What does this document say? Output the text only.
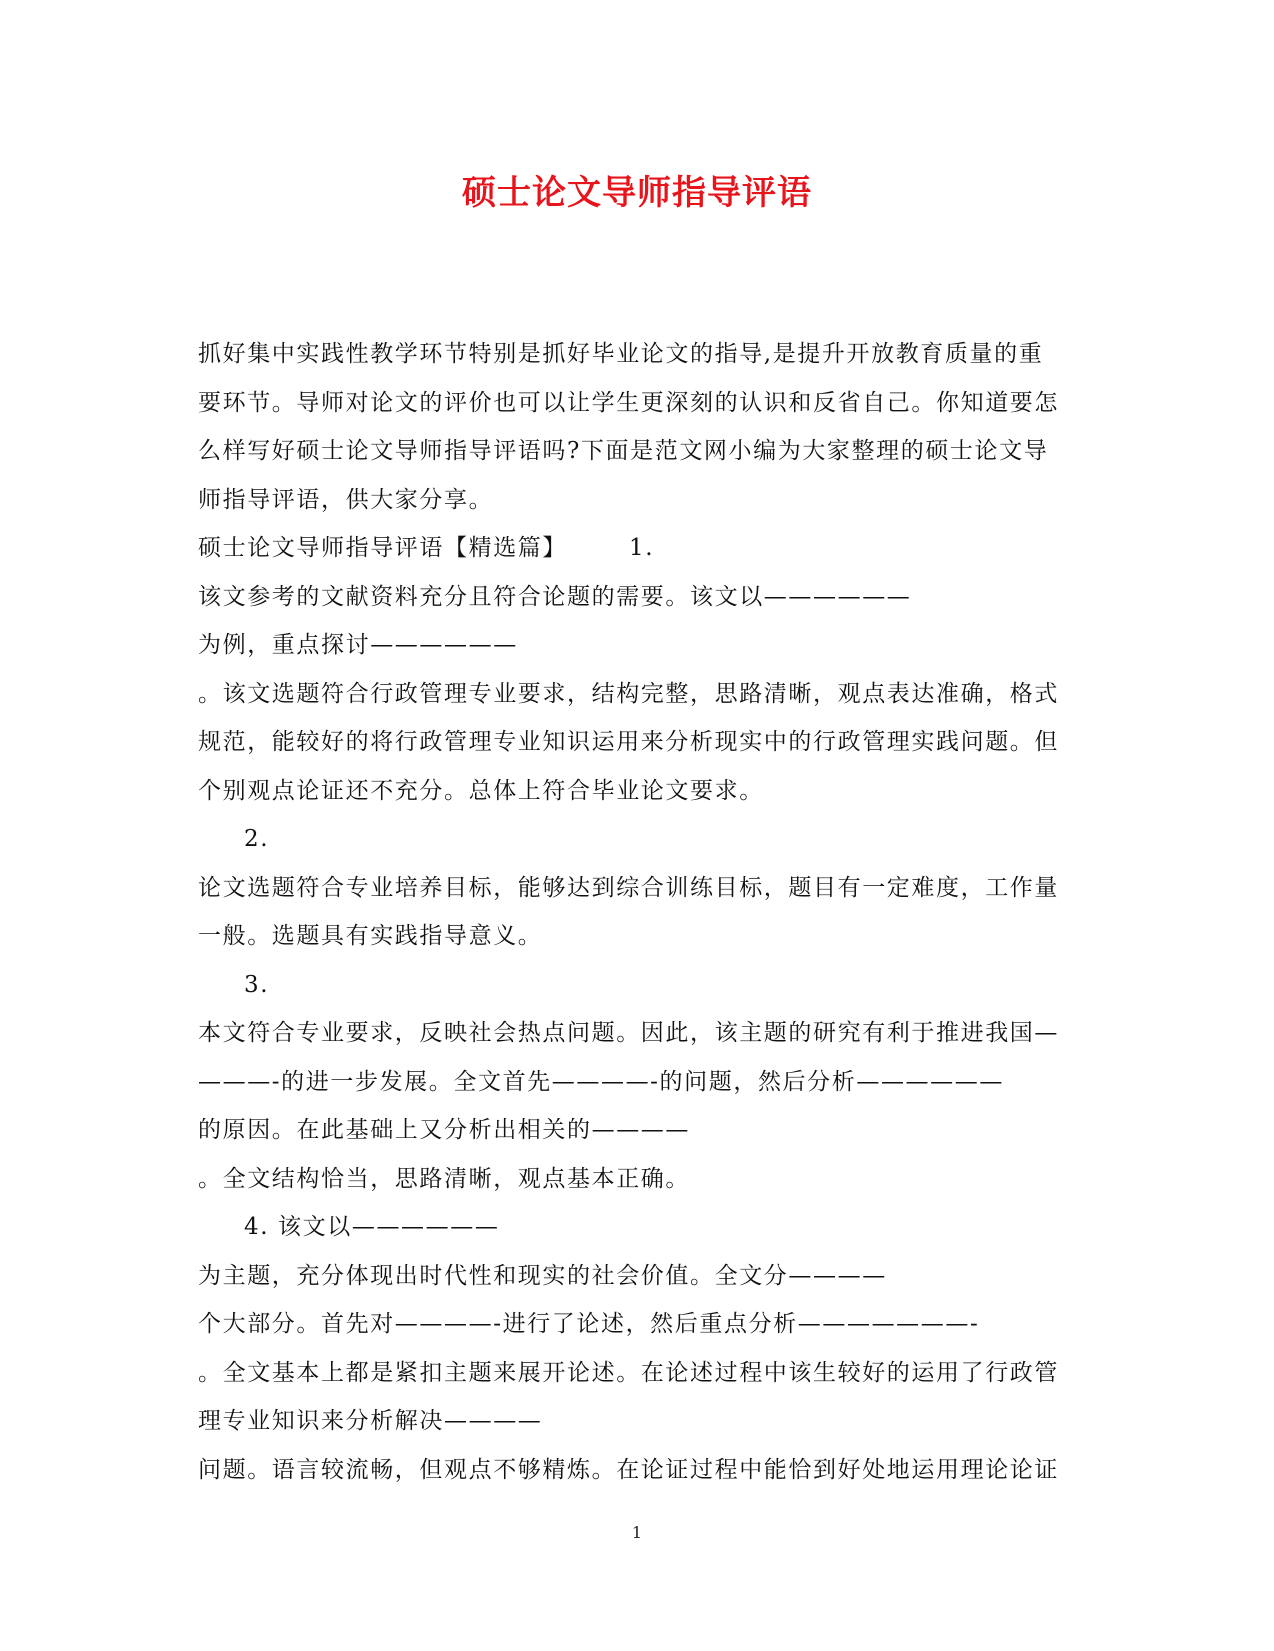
硕士论文导师指导评语
抓好集中实践性教学环节特别是抓好毕业论文的指导,是提升开放教育质量的重
要环节。导师对论文的评价也可以让学生更深刻的认识和反省自己。你知道要怎
么样写好硕士论文导师指导评语吗?下面是范文网小编为大家整理的硕士论文导
师指导评语，供大家分享。
硕士论文导师指导评语【精选篇】	1.
该文参考的文献资料充分且符合论题的需要。该文以——————
为例，重点探讨——————
。该文选题符合行政管理专业要求，结构完整，思路清晰，观点表达准确，格式
规范，能较好的将行政管理专业知识运用来分析现实中的行政管理实践问题。但
个别观点论证还不充分。总体上符合毕业论文要求。
2.
论文选题符合专业培养目标，能够达到综合训练目标，题目有一定难度，工作量
一般。选题具有实践指导意义。
3.
本文符合专业要求，反映社会热点问题。因此，该主题的研究有利于推进我国—
———-的进一步发展。全文首先————-的问题，然后分析——————
的原因。在此基础上又分析出相关的————
。全文结构恰当，思路清晰，观点基本正确。
4. 该文以——————
为主题，充分体现出时代性和现实的社会价值。全文分————
个大部分。首先对————-进行了论述，然后重点分析———————-
。全文基本上都是紧扣主题来展开论述。在论述过程中该生较好的运用了行政管
理专业知识来分析解决————
问题。语言较流畅，但观点不够精炼。在论证过程中能恰到好处地运用理论论证
1
